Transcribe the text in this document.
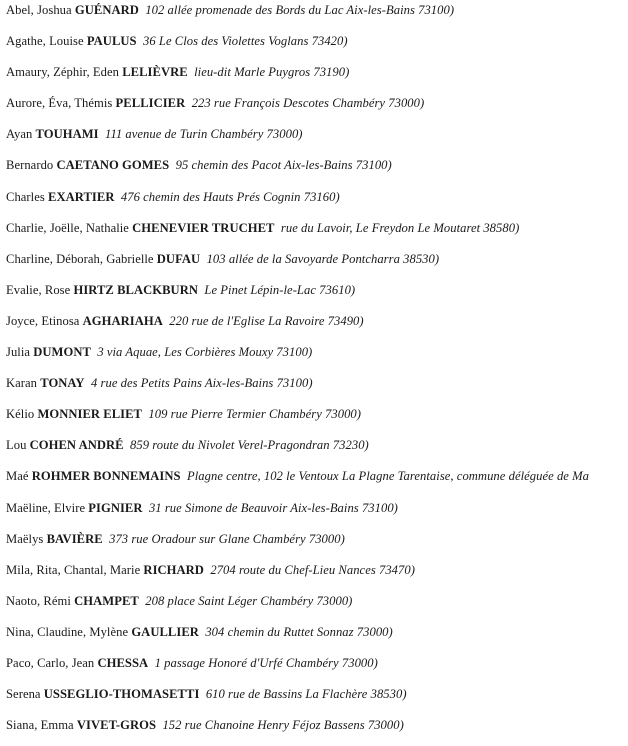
Abel, Joshua GUÉNARD 102 allée promenade des Bords du Lac Aix-les-Bains 73100)
Agathe, Louise PAULUS 36 Le Clos des Violettes Voglans 73420)
Amaury, Zéphir, Eden LELIÈVRE lieu-dit Marle Puygros 73190)
Aurore, Éva, Thémis PELLICIER 223 rue François Descotes Chambéry 73000)
Ayan TOUHAMI 111 avenue de Turin Chambéry 73000)
Bernardo CAETANO GOMES 95 chemin des Pacot Aix-les-Bains 73100)
Charles EXARTIER 476 chemin des Hauts Prés Cognin 73160)
Charlie, Joëlle, Nathalie CHENEVIER TRUCHET rue du Lavoir, Le Freydon Le Moutaret 38580)
Charline, Déborah, Gabrielle DUFAU 103 allée de la Savoyarde Pontcharra 38530)
Evalie, Rose HIRTZ BLACKBURN Le Pinet Lépin-le-Lac 73610)
Joyce, Etinosa AGHARIAHA 220 rue de l'Eglise La Ravoire 73490)
Julia DUMONT 3 via Aquae, Les Corbières Mouxy 73100)
Karan TONAY 4 rue des Petits Pains Aix-les-Bains 73100)
Kélio MONNIER ELIET 109 rue Pierre Termier Chambéry 73000)
Lou COHEN ANDRÉ 859 route du Nivolet Verel-Pragondran 73230)
Maé ROHMER BONNEMAINS Plagne centre, 102 le Ventoux La Plagne Tarentaise, commune déléguée de Ma
Maëline, Elvire PIGNIER 31 rue Simone de Beauvoir Aix-les-Bains 73100)
Maëlys BAVIÈRE 373 rue Oradour sur Glane Chambéry 73000)
Mila, Rita, Chantal, Marie RICHARD 2704 route du Chef-Lieu Nances 73470)
Naoto, Rémi CHAMPET 208 place Saint Léger Chambéry 73000)
Nina, Claudine, Mylène GAULLIER 304 chemin du Ruttet Sonnaz 73000)
Paco, Carlo, Jean CHESSA 1 passage Honoré d'Urfé Chambéry 73000)
Serena USSEGLIO-THOMASETTI 610 rue de Bassins La Flachère 38530)
Siana, Emma VIVET-GROS 152 rue Chanoine Henry Féjoz Bassens 73000)
